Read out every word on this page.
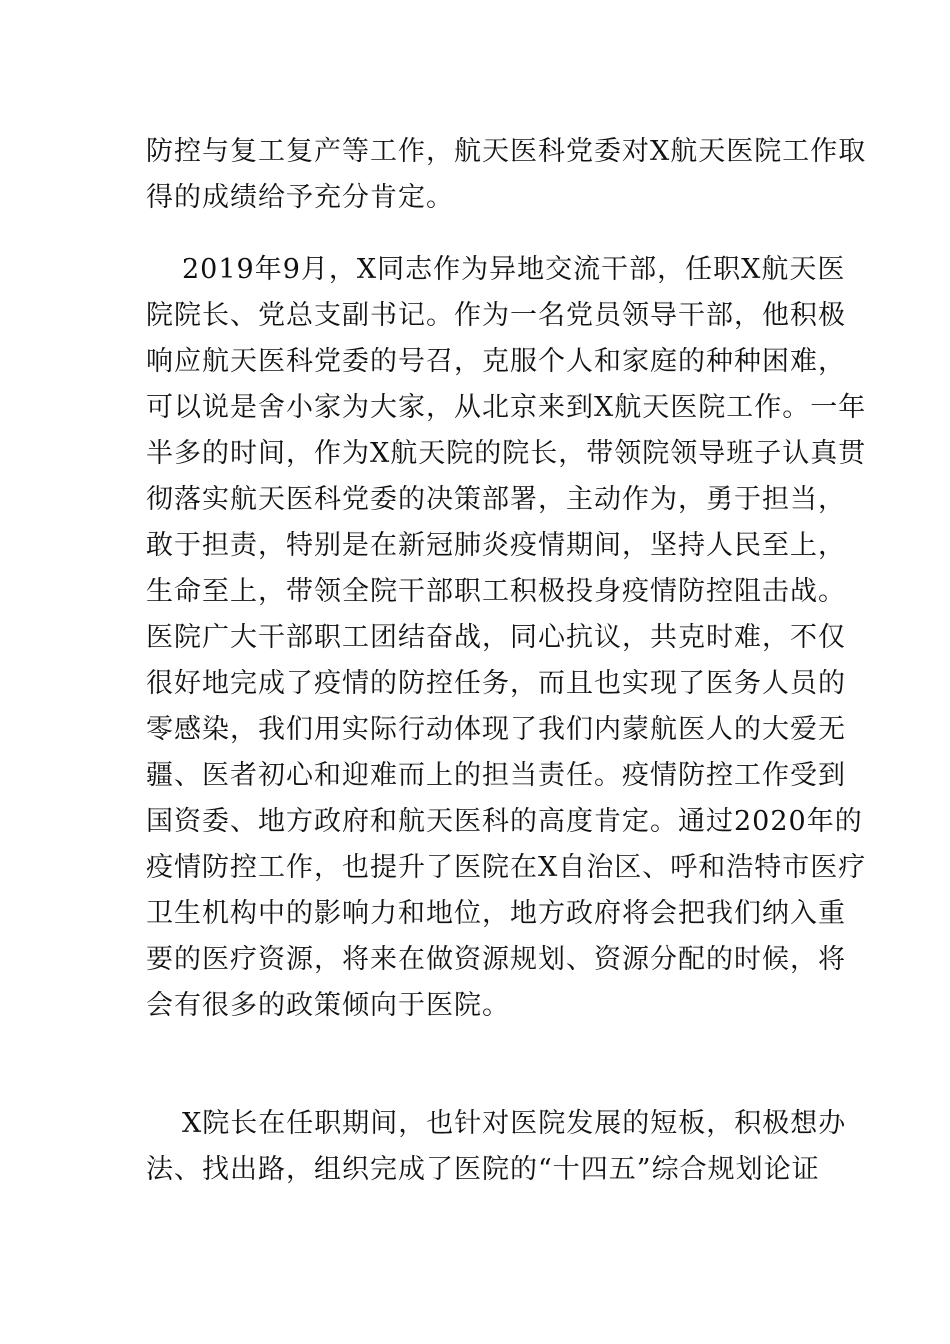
防控与复工复产等工作，航天医科党委对X航天医院工作取
得的成绩给予充分肯定。
2019年9月，X同志作为异地交流干部，任职X航天医
院院长、党总支副书记。作为一名党员领导干部，他积极
响应航天医科党委的号召，克服个人和家庭的种种困难，
可以说是舍小家为大家，从北京来到X航天医院工作。一年
半多的时间，作为X航天院的院长，带领院领导班子认真贯
彻落实航天医科党委的决策部署，主动作为，勇于担当，
敢于担责，特别是在新冠肺炎疫情期间，坚持人民至上，
生命至上，带领全院干部职工积极投身疫情防控阻击战。
医院广大干部职工团结奋战，同心抗议，共克时难，不仅
很好地完成了疫情的防控任务，而且也实现了医务人员的
零感染，我们用实际行动体现了我们内蒙航医人的大爱无
疆、医者初心和迎难而上的担当责任。疫情防控工作受到
国资委、地方政府和航天医科的高度肯定。通过2020年的
疫情防控工作，也提升了医院在X自治区、呼和浩特市医疗
卫生机构中的影响力和地位，地方政府将会把我们纳入重
要的医疗资源，将来在做资源规划、资源分配的时候，将
会有很多的政策倾向于医院。
X院长在任职期间，也针对医院发展的短板，积极想办
法、找出路，组织完成了医院的“十四五”综合规划论证
